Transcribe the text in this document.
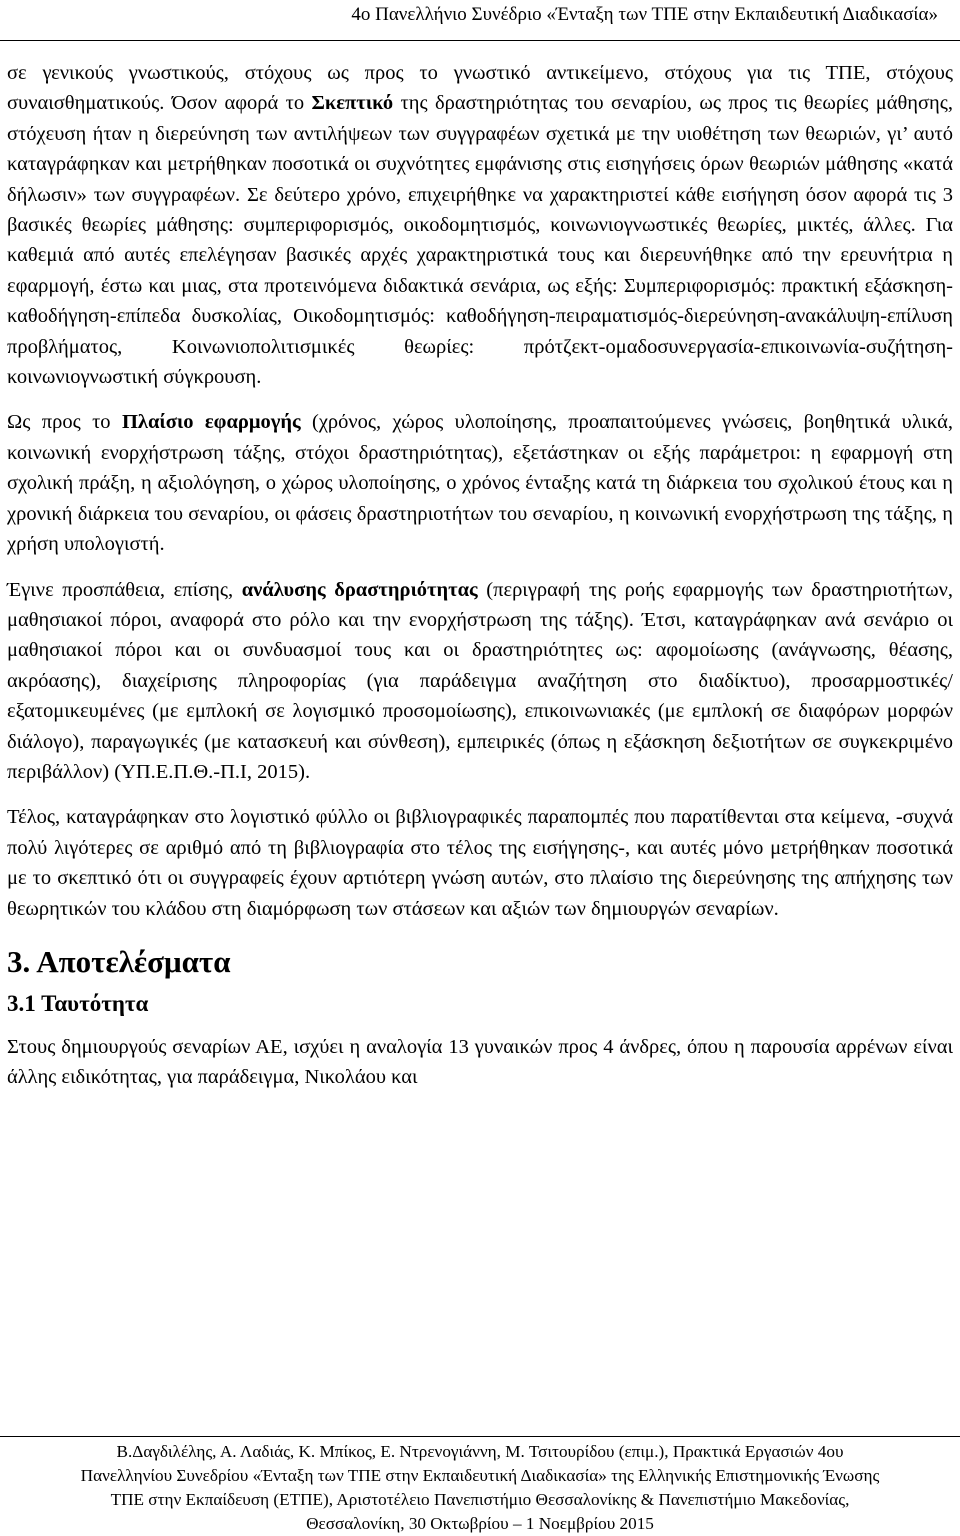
4ο Πανελλήνιο Συνέδριο «Ένταξη των ΤΠΕ στην Εκπαιδευτική Διαδικασία»

σε γενικούς γνωστικούς, στόχους ως προς το γνωστικό αντικείμενο, στόχους για τις ΤΠΕ, στόχους συναισθηματικούς. Όσον αφορά το Σκεπτικό της δραστηριότητας του σεναρίου, ως προς τις θεωρίες μάθησης, στόχευση ήταν η διερεύνηση των αντιλήψεων των συγγραφέων σχετικά με την υιοθέτηση των θεωριών, γι’ αυτό καταγράφηκαν και μετρήθηκαν ποσοτικά οι συχνότητες εμφάνισης στις εισηγήσεις όρων θεωριών μάθησης «κατά δήλωσιν» των συγγραφέων. Σε δεύτερο χρόνο, επιχειρήθηκε να χαρακτηριστεί κάθε εισήγηση όσον αφορά τις 3 βασικές θεωρίες μάθησης: συμπεριφορισμός, οικοδομητισμός, κοινωνιογνωστικές θεωρίες, μικτές, άλλες. Για καθεμιά από αυτές επελέγησαν βασικές αρχές χαρακτηριστικά τους και διερευνήθηκε από την ερευνήτρια η εφαρμογή, έστω και μιας, στα προτεινόμενα διδακτικά σενάρια, ως εξής: Συμπεριφορισμός: πρακτική εξάσκηση-καθοδήγηση-επίπεδα δυσκολίας, Οικοδομητισμός: καθοδήγηση-πειραματισμός-διερεύνηση-ανακάλυψη-επίλυση προβλήματος, Κοινωνιοπολιτισμικές θεωρίες: πρότζεκτ-ομαδοσυνεργασία-επικοινωνία-συζήτηση-κοινωνιογνωστική σύγκρουση.

Ως προς το Πλαίσιο εφαρμογής (χρόνος, χώρος υλοποίησης, προαπαιτούμενες γνώσεις, βοηθητικά υλικά, κοινωνική ενορχήστρωση τάξης, στόχοι δραστηριότητας), εξετάστηκαν οι εξής παράμετροι: η εφαρμογή στη σχολική πράξη, η αξιολόγηση, ο χώρος υλοποίησης, ο χρόνος ένταξης κατά τη διάρκεια του σχολικού έτους και η χρονική διάρκεια του σεναρίου, οι φάσεις δραστηριοτήτων του σεναρίου, η κοινωνική ενορχήστρωση της τάξης, η χρήση υπολογιστή.

Έγινε προσπάθεια, επίσης, ανάλυσης δραστηριότητας (περιγραφή της ροής εφαρμογής των δραστηριοτήτων, μαθησιακοί πόροι, αναφορά στο ρόλο και την ενορχήστρωση της τάξης). Έτσι, καταγράφηκαν ανά σενάριο οι μαθησιακοί πόροι και οι συνδυασμοί τους και οι δραστηριότητες ως: αφομοίωσης (ανάγνωσης, θέασης, ακρόασης), διαχείρισης πληροφορίας (για παράδειγμα αναζήτηση στο διαδίκτυο), προσαρμοστικές/εξατομικευμένες (με εμπλοκή σε λογισμικό προσομοίωσης), επικοινωνιακές (με εμπλοκή σε διαφόρων μορφών διάλογο), παραγωγικές (με κατασκευή και σύνθεση), εμπειρικές (όπως η εξάσκηση δεξιοτήτων σε συγκεκριμένο περιβάλλον) (ΥΠ.Ε.Π.Θ.-Π.Ι, 2015).

Τέλος, καταγράφηκαν στο λογιστικό φύλλο οι βιβλιογραφικές παραπομπές που παρατίθενται στα κείμενα, -συχνά πολύ λιγότερες σε αριθμό από τη βιβλιογραφία στο τέλος της εισήγησης-, και αυτές μόνο μετρήθηκαν ποσοτικά με το σκεπτικό ότι οι συγγραφείς έχουν αρτιότερη γνώση αυτών, στο πλαίσιο της διερεύνησης της απήχησης των θεωρητικών του κλάδου στη διαμόρφωση των στάσεων και αξιών των δημιουργών σεναρίων.

3. Αποτελέσματα
3.1 Ταυτότητα

Στους δημιουργούς σεναρίων ΑΕ, ισχύει η αναλογία 13 γυναικών προς 4 άνδρες, όπου η παρουσία αρρένων είναι άλλης ειδικότητας, για παράδειγμα, Νικολάου και

Β.Δαγδιλέλης, Α. Λαδιάς, Κ. Μπίκος, Ε. Ντρενογιάννη, Μ. Τσιτουρίδου (επιμ.), Πρακτικά Εργασιών 4ου
Πανελληνίου Συνεδρίου «Ένταξη των ΤΠΕ στην Εκπαιδευτική Διαδικασία» της Ελληνικής Επιστημονικής Ένωσης
ΤΠΕ στην Εκπαίδευση (ΕΤΠΕ), Αριστοτέλειο Πανεπιστήμιο Θεσσαλονίκης & Πανεπιστήμιο Μακεδονίας,
Θεσσαλονίκη, 30 Οκτωβρίου – 1 Νοεμβρίου 2015
